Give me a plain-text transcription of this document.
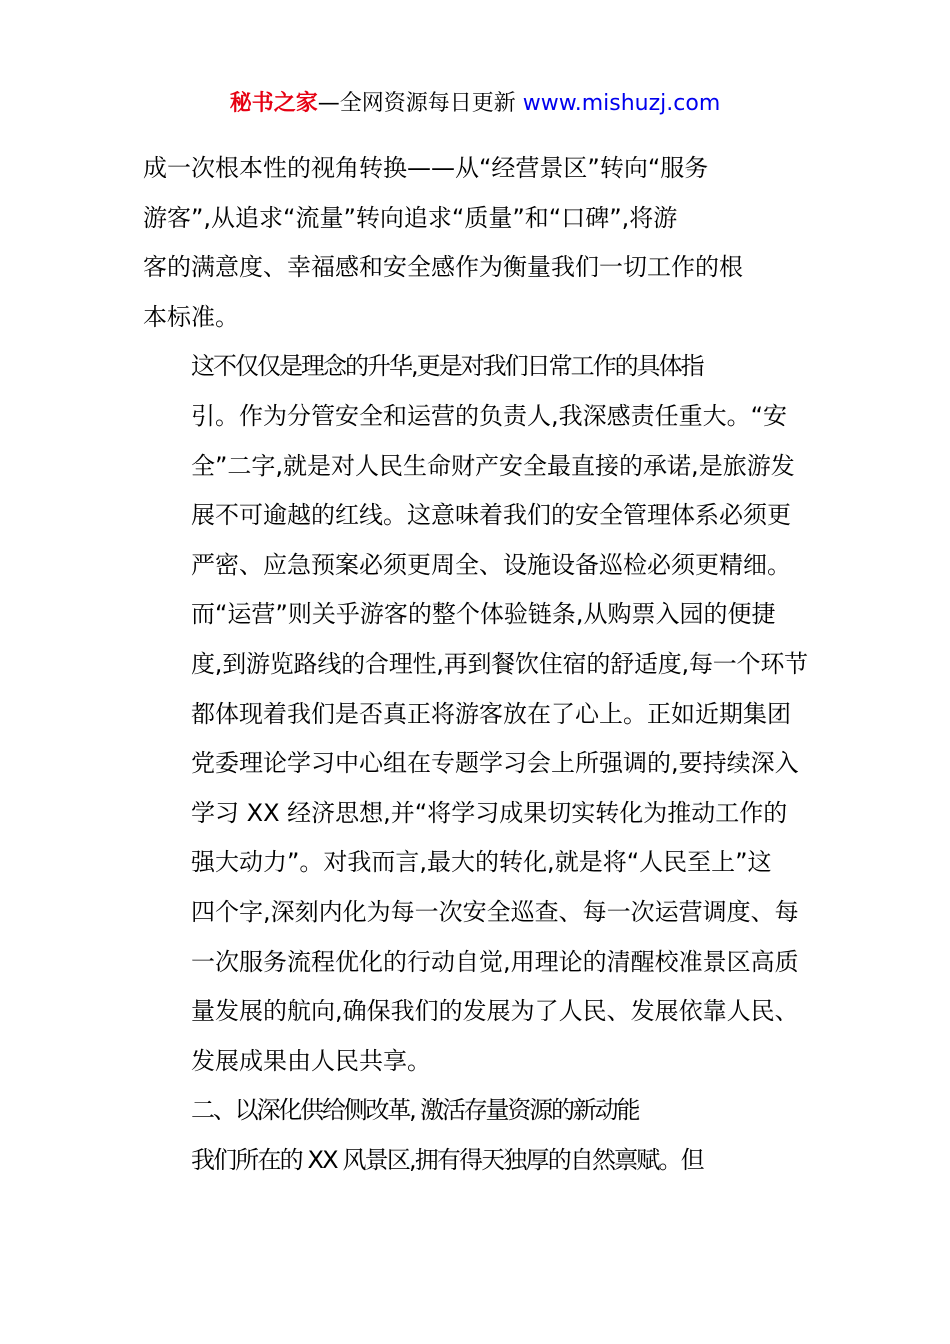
秘书之家—全网资源每日更新 www.mishuzj.com

成一次根本性的视角转换——从“经营景区”转向“服务
游客”,从追求“流量”转向追求“质量”和“口碑”,将游
客的满意度、幸福感和安全感作为衡量我们一切工作的根
本标准。

这不仅仅是理念的升华,更是对我们日常工作的具体指
引。作为分管安全和运营的负责人,我深感责任重大。“安
全”二字,就是对人民生命财产安全最直接的承诺,是旅游发
展不可逾越的红线。这意味着我们的安全管理体系必须更
严密、应急预案必须更周全、设施设备巡检必须更精细。
而“运营”则关乎游客的整个体验链条,从购票入园的便捷
度,到游览路线的合理性,再到餐饮住宿的舒适度,每一个环节
都体现着我们是否真正将游客放在了心上。正如近期集团
党委理论学习中心组在专题学习会上所强调的,要持续深入
学习 XX 经济思想,并“将学习成果切实转化为推动工作的
强大动力”。对我而言,最大的转化,就是将“人民至上”这
四个字,深刻内化为每一次安全巡查、每一次运营调度、每
一次服务流程优化的行动自觉,用理论的清醒校准景区高质
量发展的航向,确保我们的发展为了人民、发展依靠人民、
发展成果由人民共享。

二、以深化供给侧改革, 激活存量资源的新动能

我们所在的 XX 风景区,拥有得天独厚的自然禀赋。但
